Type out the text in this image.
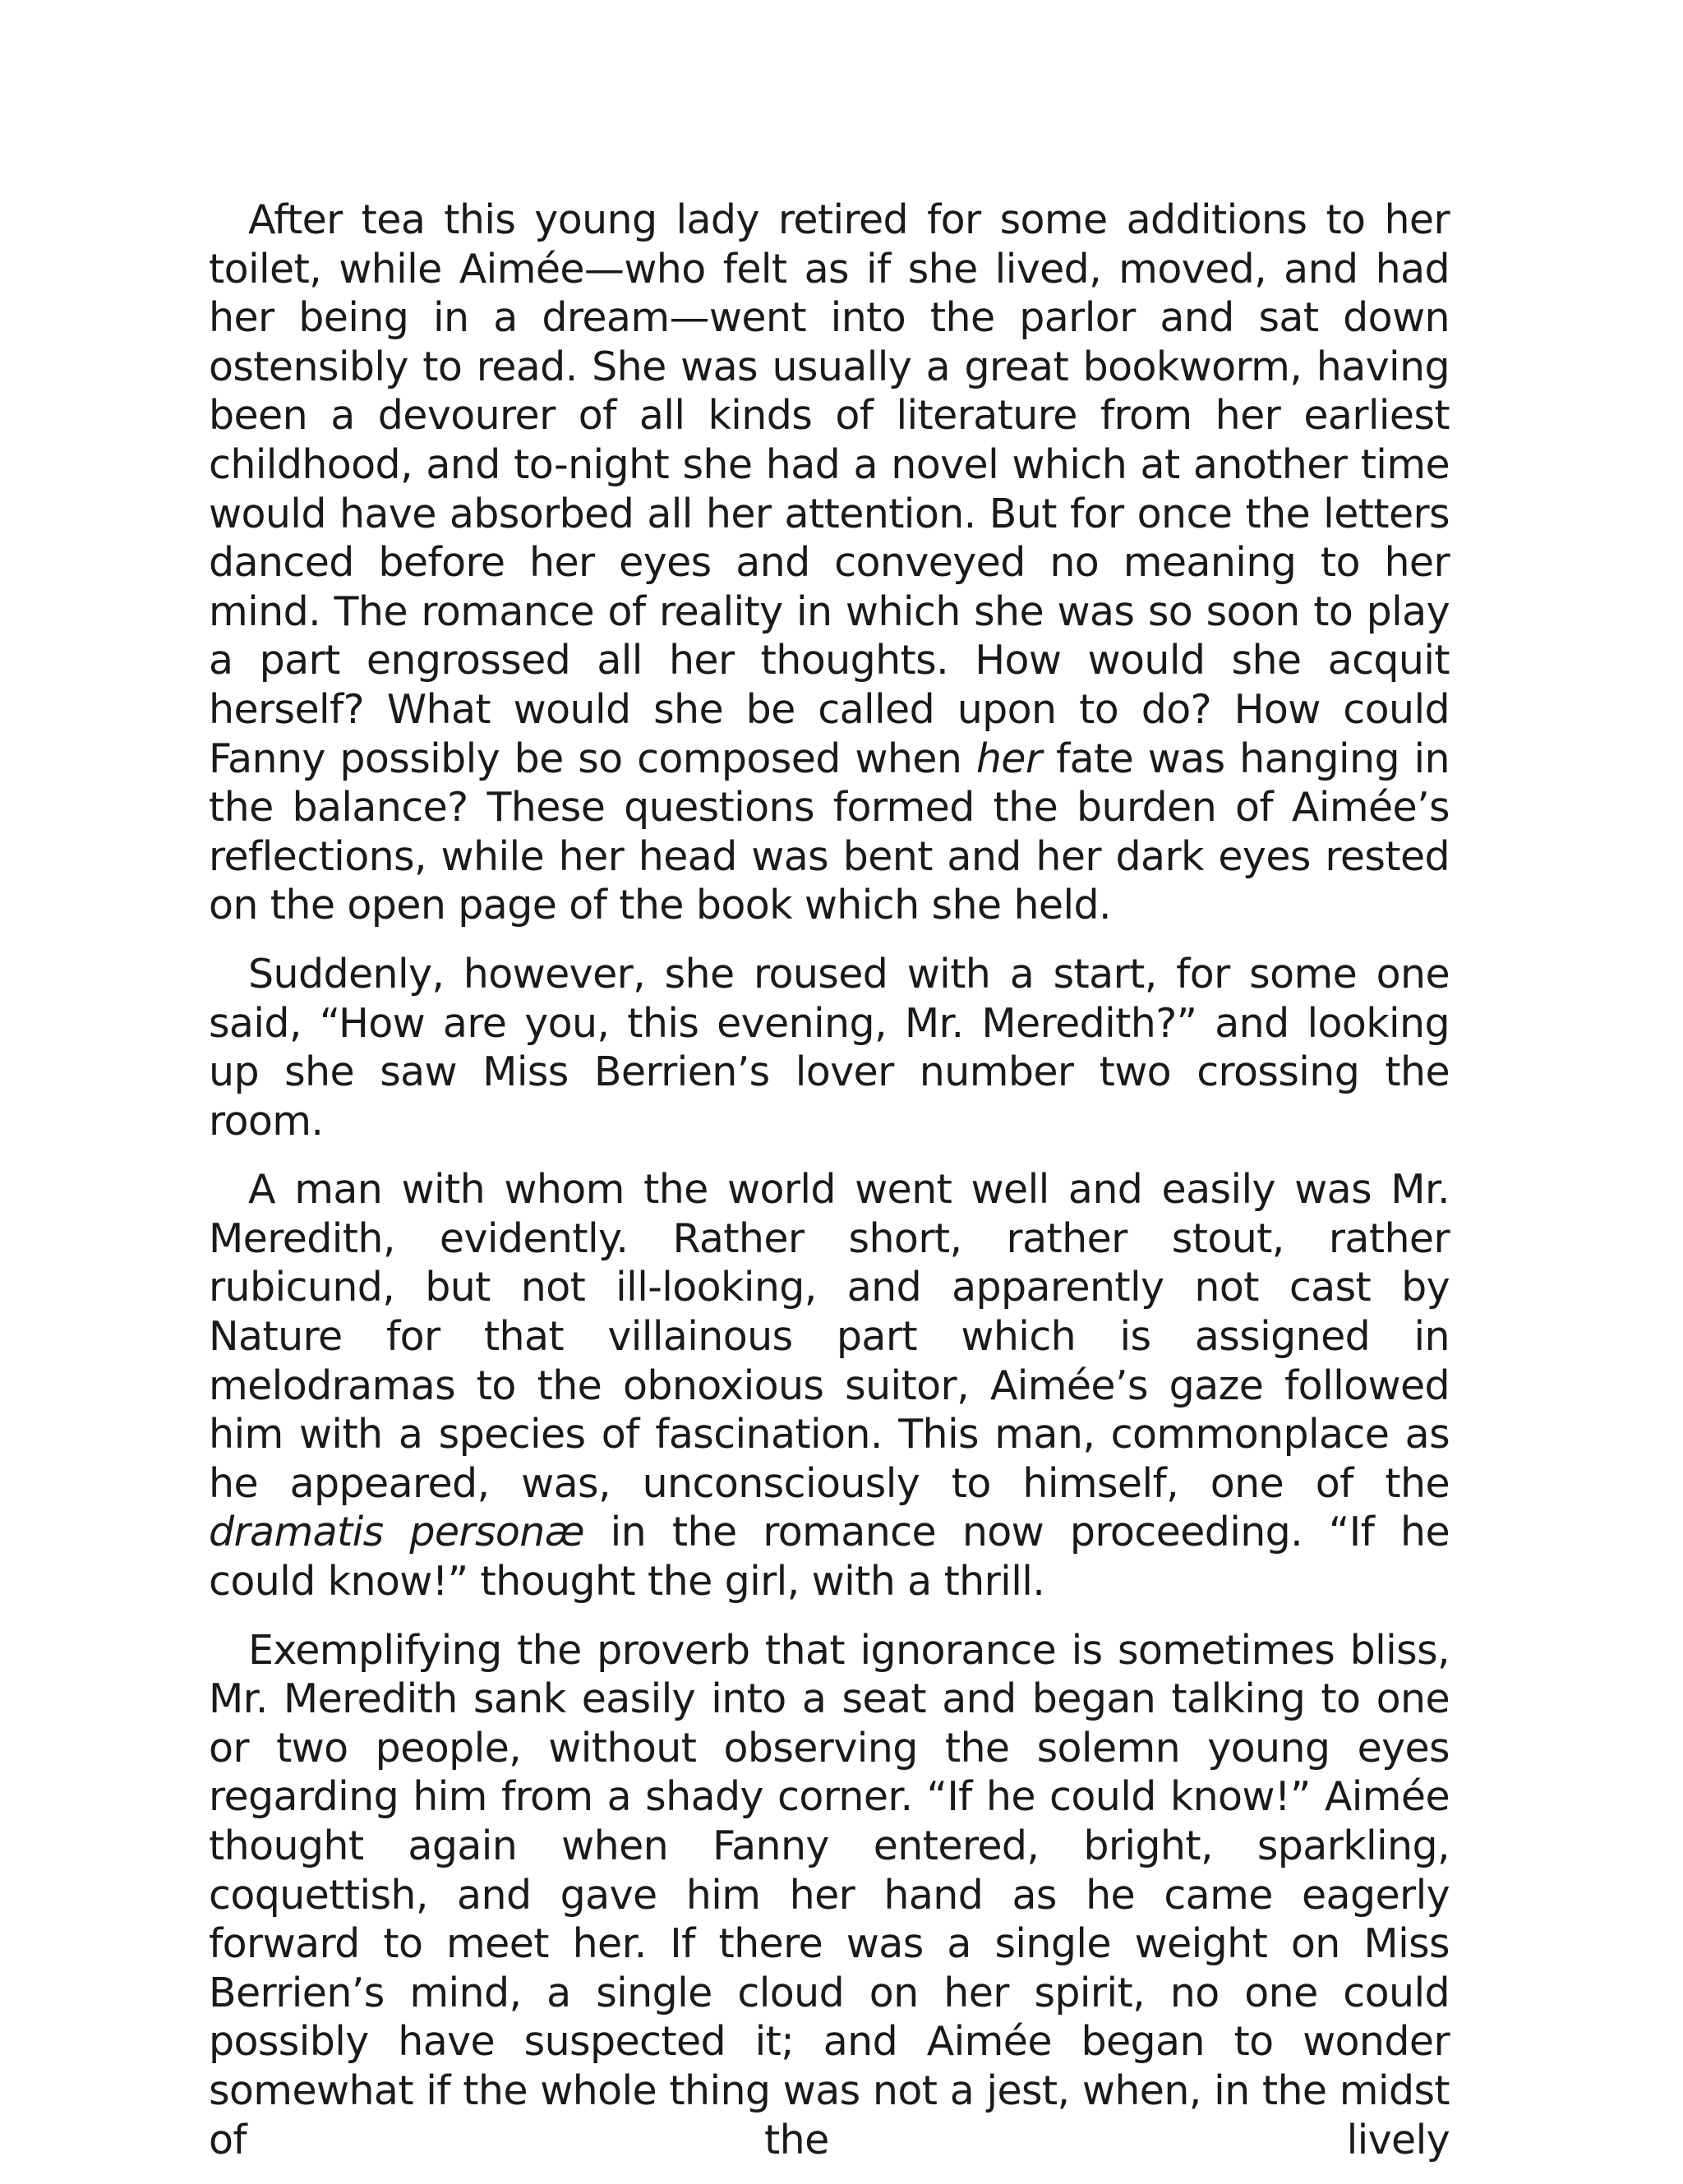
After tea this young lady retired for some additions to her toilet, while Aimée—who felt as if she lived, moved, and had her being in a dream—went into the parlor and sat down ostensibly to read. She was usually a great bookworm, having been a devourer of all kinds of literature from her earliest childhood, and to-night she had a novel which at another time would have absorbed all her attention. But for once the letters danced before her eyes and conveyed no meaning to her mind. The romance of reality in which she was so soon to play a part engrossed all her thoughts. How would she acquit herself? What would she be called upon to do? How could Fanny possibly be so composed when her fate was hanging in the balance? These questions formed the burden of Aimée’s reflections, while her head was bent and her dark eyes rested on the open page of the book which she held.

Suddenly, however, she roused with a start, for some one said, “How are you, this evening, Mr. Meredith?” and looking up she saw Miss Berrien’s lover number two crossing the room.

A man with whom the world went well and easily was Mr. Meredith, evidently. Rather short, rather stout, rather rubicund, but not ill-looking, and apparently not cast by Nature for that villainous part which is assigned in melodramas to the obnoxious suitor, Aimée’s gaze followed him with a species of fascination. This man, commonplace as he appeared, was, unconsciously to himself, one of the dramatis personæ in the romance now proceeding. “If he could know!” thought the girl, with a thrill.

Exemplifying the proverb that ignorance is sometimes bliss, Mr. Meredith sank easily into a seat and began talking to one or two people, without observing the solemn young eyes regarding him from a shady corner. “If he could know!” Aimée thought again when Fanny entered, bright, sparkling, coquettish, and gave him her hand as he came eagerly forward to meet her. If there was a single weight on Miss Berrien’s mind, a single cloud on her spirit, no one could possibly have suspected it; and Aimée began to wonder somewhat if the whole thing was not a jest, when, in the midst of the lively
